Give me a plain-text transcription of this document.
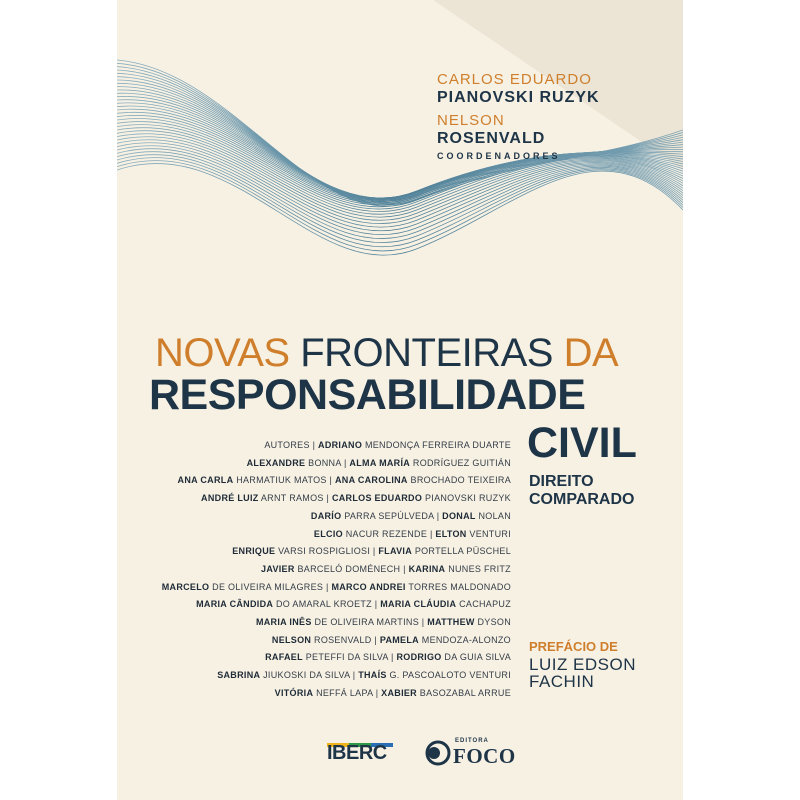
CARLOS EDUARDO
PIANOVSKI RUZYK
NELSON
ROSENVALD
COORDENADORES
NOVAS FRONTEIRAS DA
RESPONSABILIDADE
CIVIL
DIREITO
COMPARADO
AUTORES | ADRIANO MENDONÇA FERREIRA DUARTE
ALEXANDRE BONNA | ALMA MARÍA RODRÍGUEZ GUITIÁN
ANA CARLA HARMATIUK MATOS | ANA CAROLINA BROCHADO TEIXEIRA
ANDRÉ LUIZ ARNT RAMOS | CARLOS EDUARDO PIANOVSKI RUZYK
DARÍO PARRA SEPÚLVEDA | DONAL NOLAN
ELCIO NACUR REZENDE | ELTON VENTURI
ENRIQUE VARSI ROSPIGLIOSI | FLAVIA PORTELLA PÜSCHEL
JAVIER BARCELÓ DOMÉNECH | KARINA NUNES FRITZ
MARCELO DE OLIVEIRA MILAGRES | MARCO ANDREI TORRES MALDONADO
MARIA CÂNDIDA DO AMARAL KROETZ | MARIA CLÁUDIA CACHAPUZ
MARIA INÊS DE OLIVEIRA MARTINS | MATTHEW DYSON
NELSON ROSENVALD | PAMELA MENDOZA-ALONZO
RAFAEL PETEFFI DA SILVA | RODRIGO DA GUIA SILVA
SABRINA JIUKOSKI DA SILVA | THAÍS G. PASCOALOTO VENTURI
VITÓRIA NEFFÁ LAPA | XABIER BASOZABAL ARRUE
PREFÁCIO DE
LUIZ EDSON
FACHIN
IBERC
EDITORA
FOCO
